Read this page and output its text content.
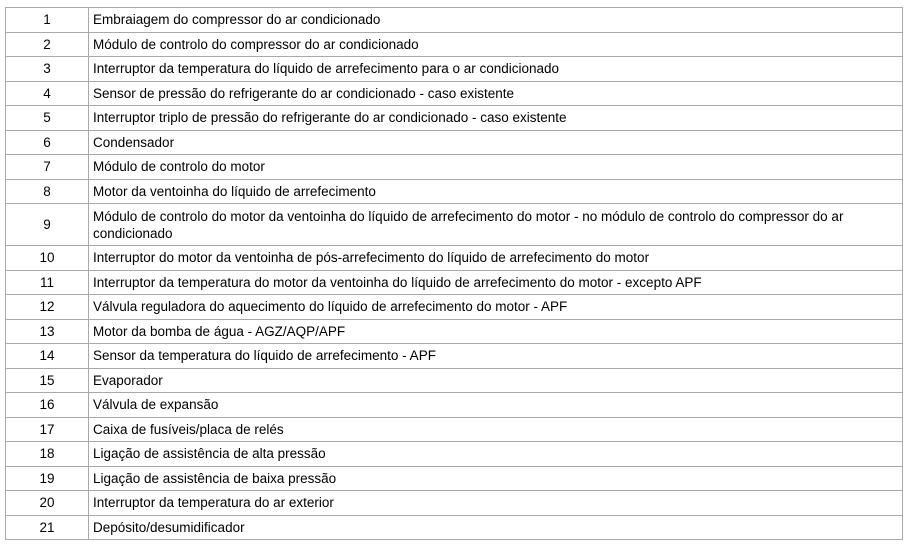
1	Embraiagem do compressor do ar condicionado
2	Módulo de controlo do compressor do ar condicionado
3	Interruptor da temperatura do líquido de arrefecimento para o ar condicionado
4	Sensor de pressão do refrigerante do ar condicionado - caso existente
5	Interruptor triplo de pressão do refrigerante do ar condicionado - caso existente
6	Condensador
7	Módulo de controlo do motor
8	Motor da ventoinha do líquido de arrefecimento
9	Módulo de controlo do motor da ventoinha do líquido de arrefecimento do motor - no módulo de controlo do compressor do ar condicionado
10	Interruptor do motor da ventoinha de pós-arrefecimento do líquido de arrefecimento do motor
11	Interruptor da temperatura do motor da ventoinha do líquido de arrefecimento do motor - excepto APF
12	Válvula reguladora do aquecimento do líquido de arrefecimento do motor - APF
13	Motor da bomba de água - AGZ/AQP/APF
14	Sensor da temperatura do líquido de arrefecimento - APF
15	Evaporador
16	Válvula de expansão
17	Caixa de fusíveis/placa de relés
18	Ligação de assistência de alta pressão
19	Ligação de assistência de baixa pressão
20	Interruptor da temperatura do ar exterior
21	Depósito/desumidificador
